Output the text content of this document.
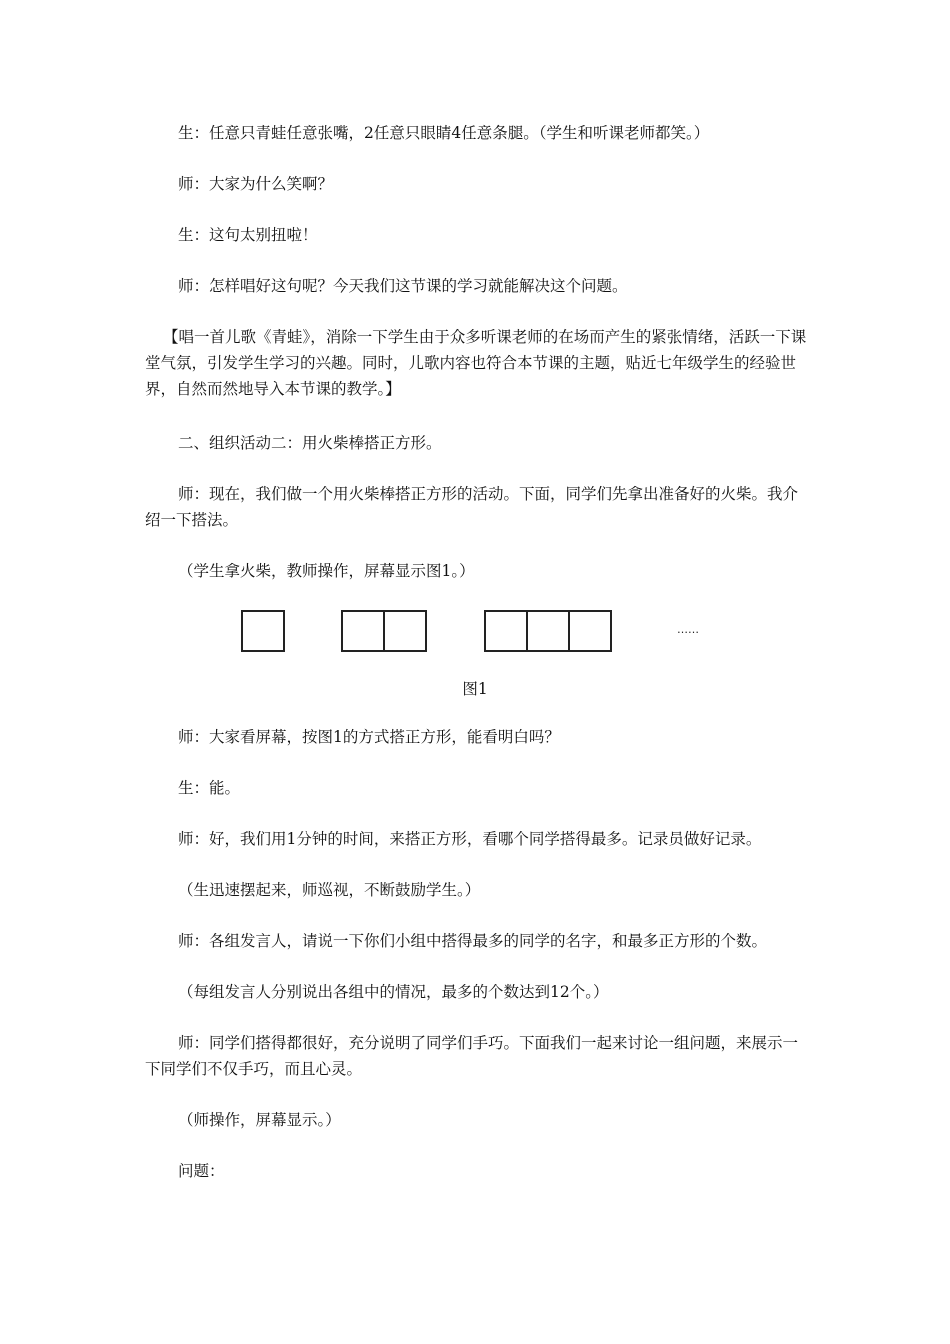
生：任意只青蛙任意张嘴，2任意只眼睛4任意条腿。（学生和听课老师都笑。）

师：大家为什么笑啊？

生：这句太别扭啦！

师：怎样唱好这句呢？今天我们这节课的学习就能解决这个问题。

【唱一首儿歌《青蛙》，消除一下学生由于众多听课老师的在场而产生的紧张情绪，活跃一下课堂气氛，引发学生学习的兴趣。同时，儿歌内容也符合本节课的主题，贴近七年级学生的经验世界，自然而然地导入本节课的教学。】

二、组织活动二：用火柴棒搭正方形。

师：现在，我们做一个用火柴棒搭正方形的活动。下面，同学们先拿出准备好的火柴。我介绍一下搭法。

（学生拿火柴，教师操作，屏幕显示图1。）

……
图1

师：大家看屏幕，按图1的方式搭正方形，能看明白吗？

生：能。

师：好，我们用1分钟的时间，来搭正方形，看哪个同学搭得最多。记录员做好记录。

（生迅速摆起来，师巡视，不断鼓励学生。）

师：各组发言人，请说一下你们小组中搭得最多的同学的名字，和最多正方形的个数。

（每组发言人分别说出各组中的情况，最多的个数达到12个。）

师：同学们搭得都很好，充分说明了同学们手巧。下面我们一起来讨论一组问题，来展示一下同学们不仅手巧，而且心灵。

（师操作，屏幕显示。）

问题：
